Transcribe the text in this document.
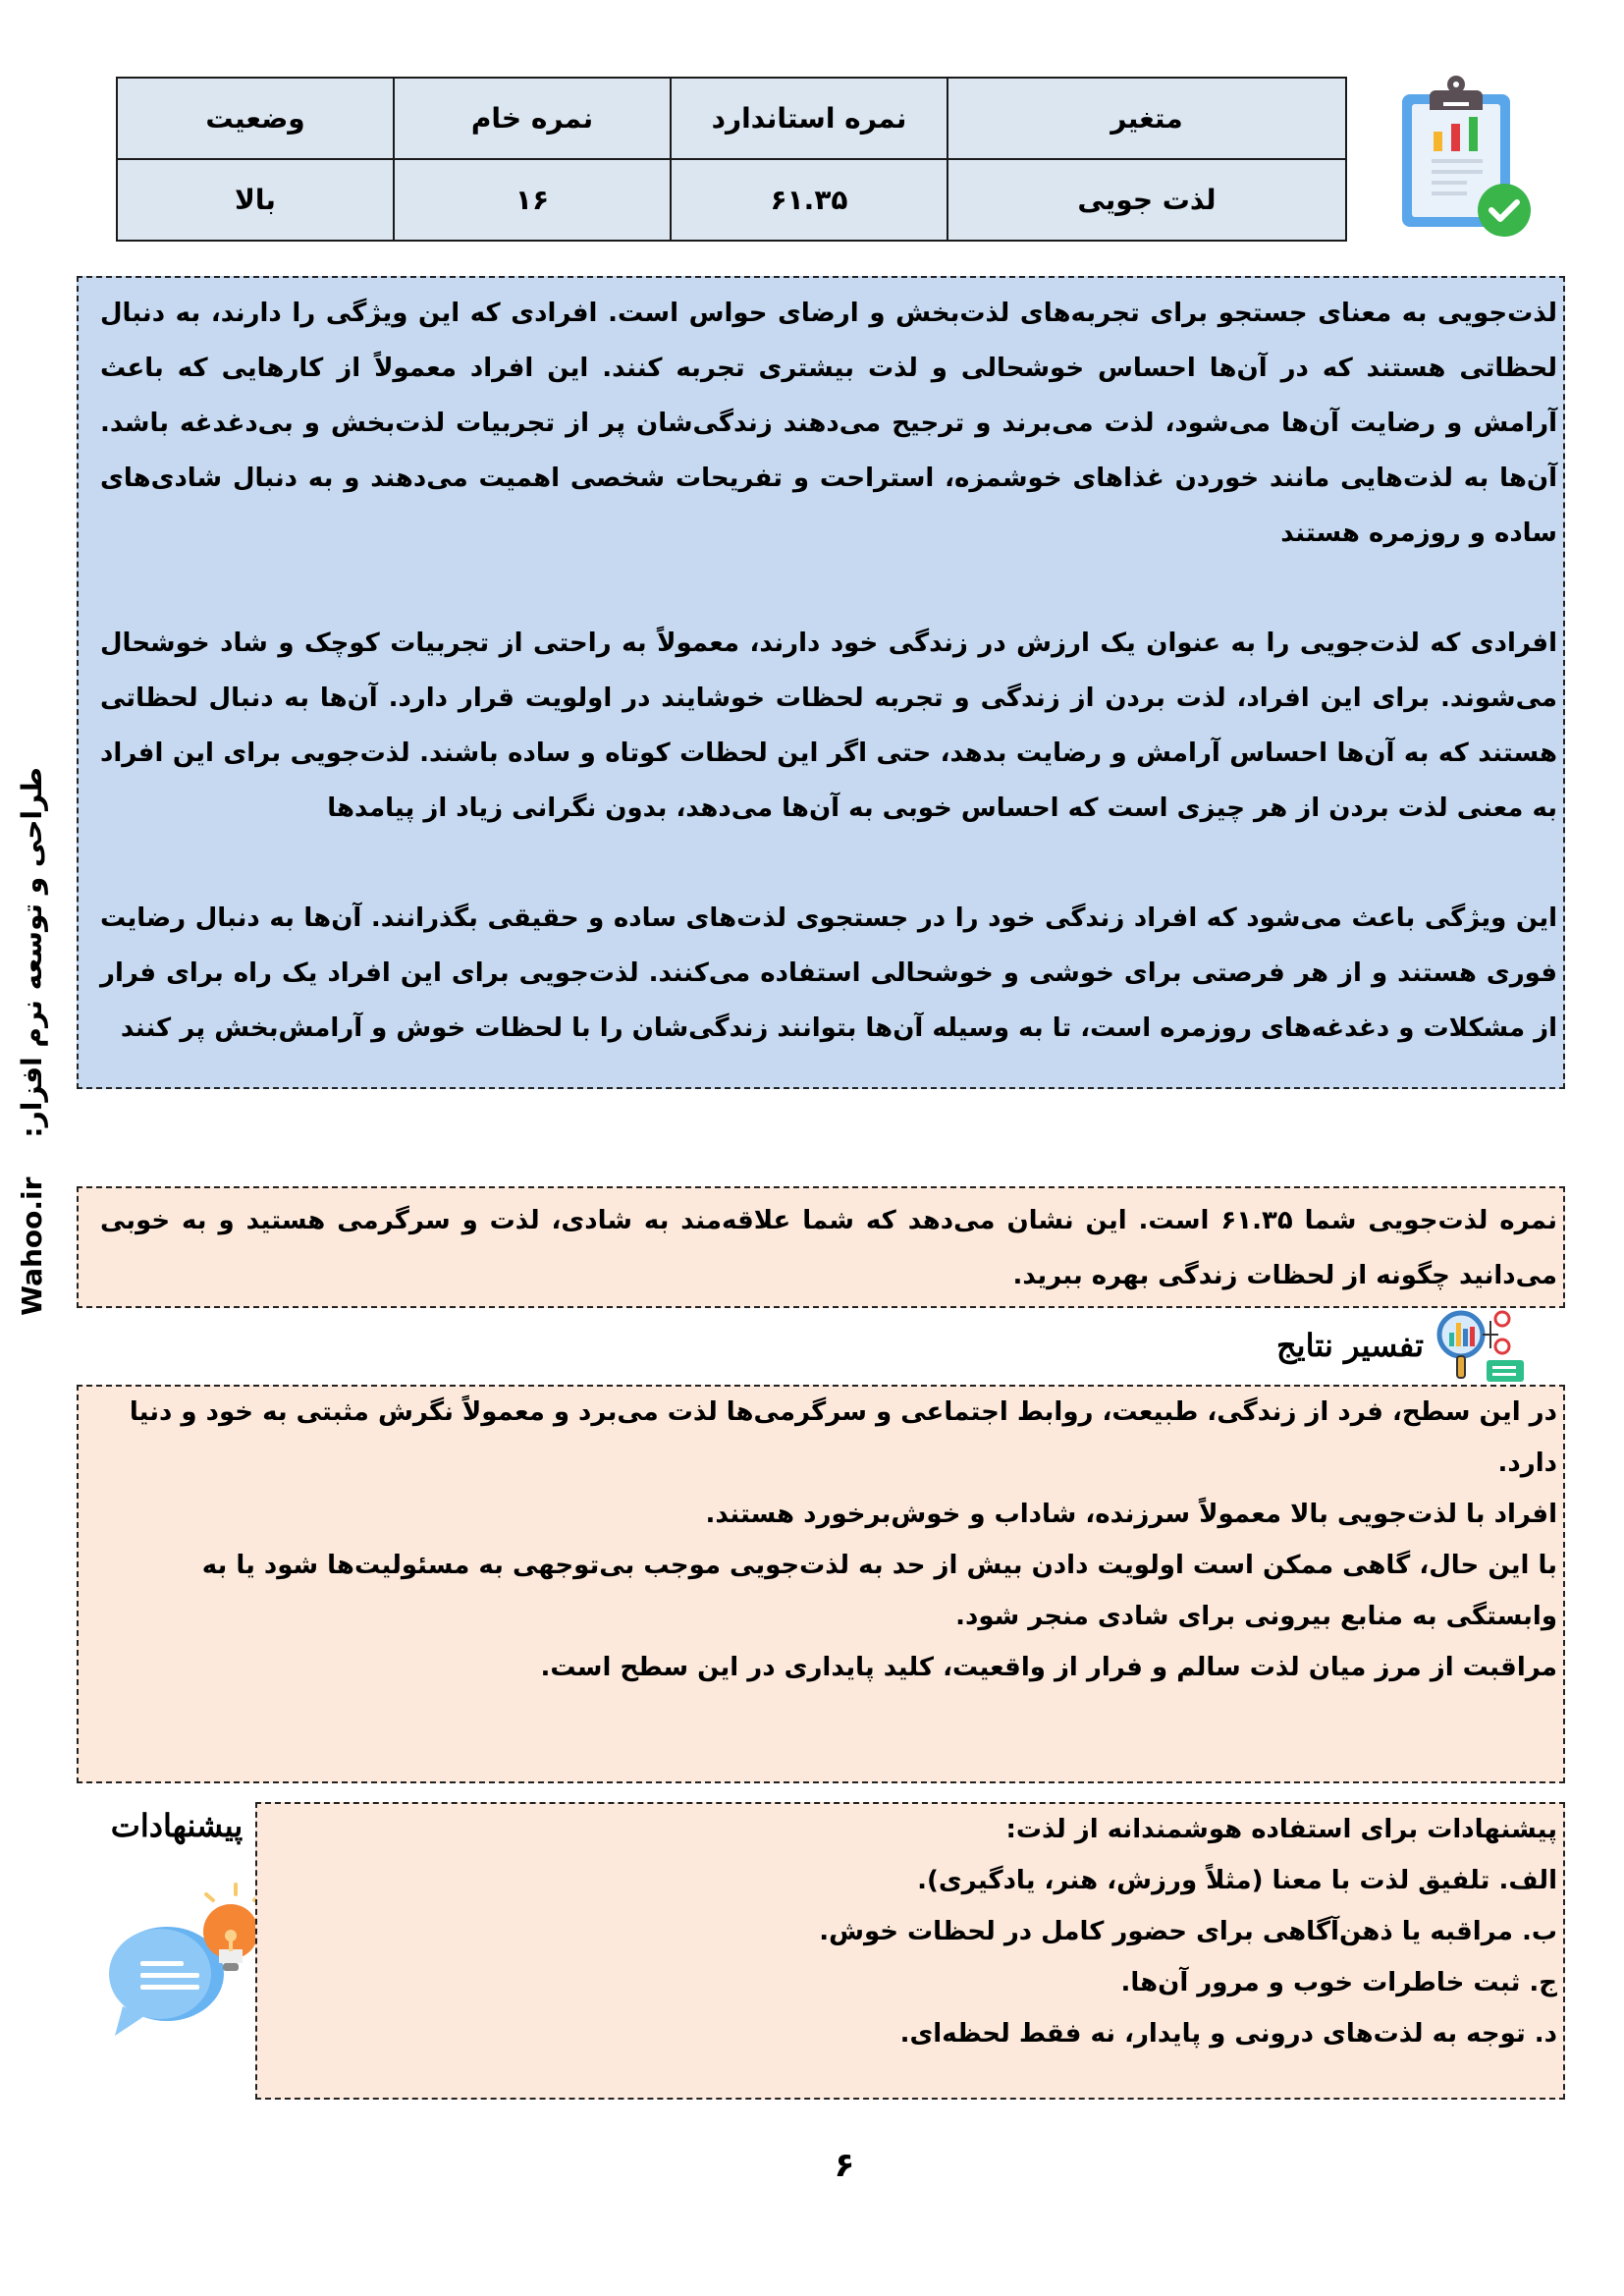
Wahoo.ir
طراحی و توسعه نرم افزار:
متغیر	نمره استاندارد	نمره خام	وضعیت
لذت جویی	۶۱.۳۵	۱۶	بالا

لذت‌جویی به معنای جستجو برای تجربه‌های لذت‌بخش و ارضای حواس است. افرادی که این ویژگی را دارند، به دنبال لحظاتی هستند که در آن‌ها احساس خوشحالی و لذت بیشتری تجربه کنند. این افراد معمولاً از کارهایی که باعث آرامش و رضایت آن‌ها می‌شود، لذت می‌برند و ترجیح می‌دهند زندگی‌شان پر از تجربیات لذت‌بخش و بی‌دغدغه باشد. آن‌ها به لذت‌هایی مانند خوردن غذاهای خوشمزه، استراحت و تفریحات شخصی اهمیت می‌دهند و به دنبال شادی‌های ساده و روزمره هستند

افرادی که لذت‌جویی را به عنوان یک ارزش در زندگی خود دارند، معمولاً به راحتی از تجربیات کوچک و شاد خوشحال می‌شوند. برای این افراد، لذت بردن از زندگی و تجربه لحظات خوشایند در اولویت قرار دارد. آن‌ها به دنبال لحظاتی هستند که به آن‌ها احساس آرامش و رضایت بدهد، حتی اگر این لحظات کوتاه و ساده باشند. لذت‌جویی برای این افراد به معنی لذت بردن از هر چیزی است که احساس خوبی به آن‌ها می‌دهد، بدون نگرانی زیاد از پیامدها

این ویژگی باعث می‌شود که افراد زندگی خود را در جستجوی لذت‌های ساده و حقیقی بگذرانند. آن‌ها به دنبال رضایت فوری هستند و از هر فرصتی برای خوشی و خوشحالی استفاده می‌کنند. لذت‌جویی برای این افراد یک راه برای فرار از مشکلات و دغدغه‌های روزمره است، تا به وسیله آن‌ها بتوانند زندگی‌شان را با لحظات خوش و آرامش‌بخش پر کنند

نمره لذت‌جویی شما ۶۱.۳۵ است. این نشان می‌دهد که شما علاقه‌مند به شادی، لذت و سرگرمی هستید و به خوبی می‌دانید چگونه از لحظات زندگی بهره ببرید.

تفسیر نتایج

در این سطح، فرد از زندگی، طبیعت، روابط اجتماعی و سرگرمی‌ها لذت می‌برد و معمولاً نگرش مثبتی به خود و دنیا دارد.

افراد با لذت‌جویی بالا معمولاً سرزنده، شاداب و خوش‌برخورد هستند.

با این حال، گاهی ممکن است اولویت دادن بیش از حد به لذت‌جویی موجب بی‌توجهی به مسئولیت‌ها شود یا به وابستگی به منابع بیرونی برای شادی منجر شود.

مراقبت از مرز میان لذت سالم و فرار از واقعیت، کلید پایداری در این سطح است.

پیشنهادات	پیشنهادات برای استفاده هوشمندانه از لذت:

الف. تلفیق لذت با معنا (مثلاً ورزش، هنر، یادگیری).

ب. مراقبه یا ذهن‌آگاهی برای حضور کامل در لحظات خوش.

ج. ثبت خاطرات خوب و مرور آن‌ها.

د. توجه به لذت‌های درونی و پایدار، نه فقط لحظه‌ای.

۶
